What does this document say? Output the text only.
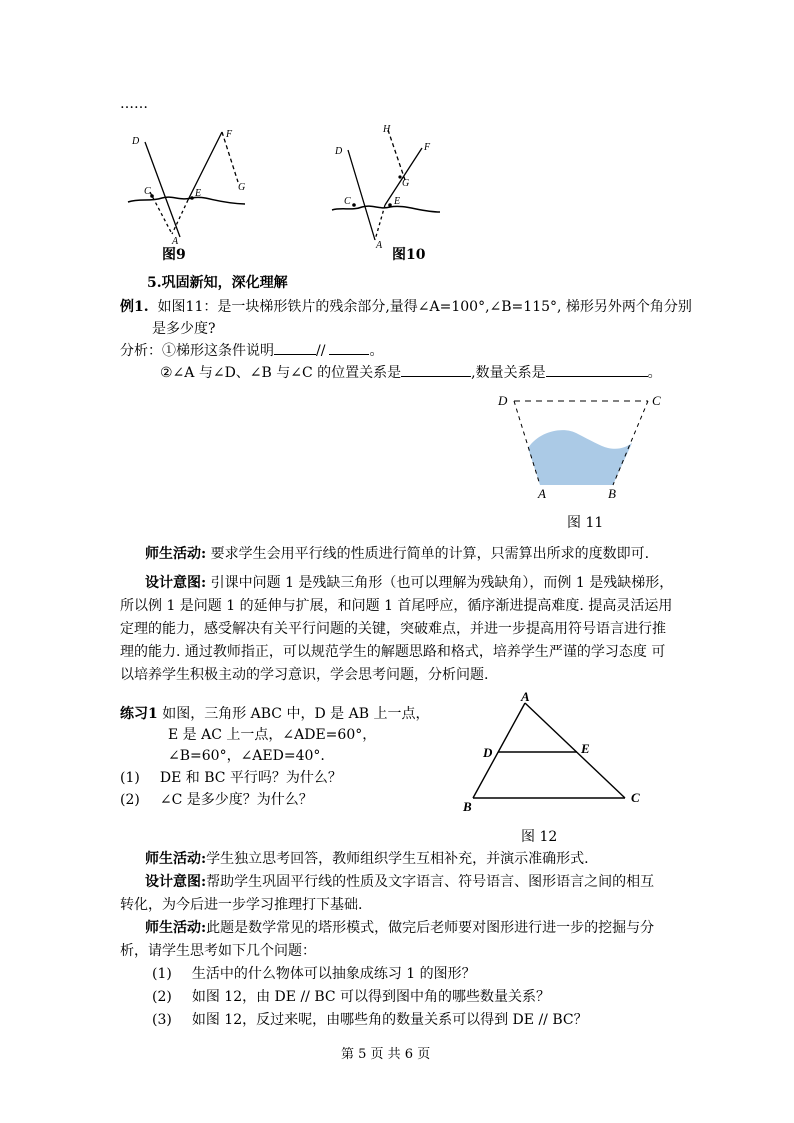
……
D
F
G
C	E
A
图9
H
D	F
G
C	E
A
图10
5.巩固新知，深化理解
例1. 如图11：是一块梯形铁片的残余部分,量得∠A=100°,∠B=115°, 梯形另外两个角分别
是多少度?
分析：①梯形这条件说明	//	。
②∠A 与∠D、∠B 与∠C 的位置关系是	,数量关系是	。
D	C
A	B
图 11
师生活动: 要求学生会用平行线的性质进行简单的计算，只需算出所求的度数即可.
设计意图: 引课中问题 1 是残缺三角形（也可以理解为残缺角），而例 1 是残缺梯形，
所以例 1 是问题 1 的延伸与扩展，和问题 1 首尾呼应，循序渐进提高难度. 提高灵活运用
定理的能力，感受解决有关平行问题的关键，突破难点，并进一步提高用符号语言进行推
理的能力. 通过教师指正，可以规范学生的解题思路和格式，培养学生严谨的学习态度 可
以培养学生积极主动的学习意识，学会思考问题，分析问题.
练习1 如图，三角形 ABC 中，D 是 AB 上一点，
E 是 AC 上一点，∠ADE=60°，
∠B=60°，∠AED=40°.
(1) DE 和 BC 平行吗？为什么？
(2) ∠C 是多少度？为什么？
A
D	E
B
C
图 12
师生活动:学生独立思考回答，教师组织学生互相补充，并演示准确形式.
设计意图:帮助学生巩固平行线的性质及文字语言、符号语言、图形语言之间的相互
转化，为今后进一步学习推理打下基础.
师生活动:此题是数学常见的塔形模式，做完后老师要对图形进行进一步的挖掘与分
析，请学生思考如下几个问题：
(1) 生活中的什么物体可以抽象成练习 1 的图形？
(2) 如图 12，由 DE // BC 可以得到图中角的哪些数量关系？
(3) 如图 12，反过来呢，由哪些角的数量关系可以得到 DE // BC？
第 5 页 共 6 页
